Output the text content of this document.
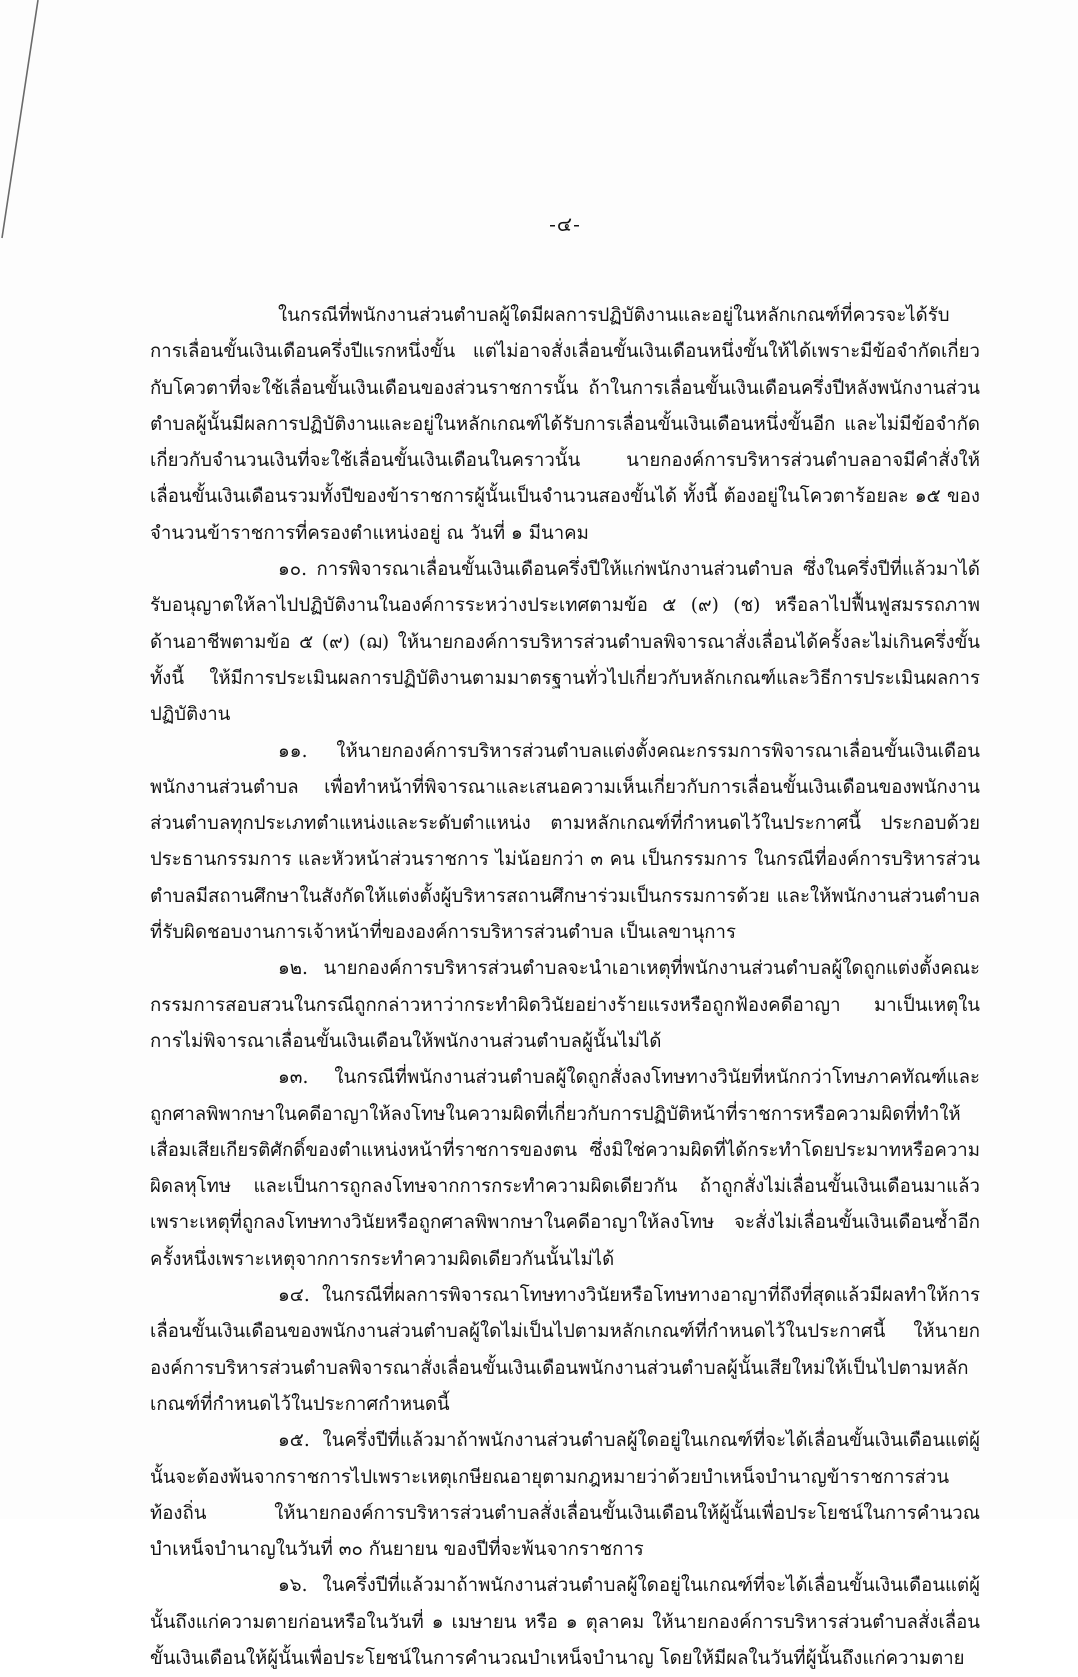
-๔-

ในกรณีที่พนักงานส่วนตำบลผู้ใดมีผลการปฏิบัติงานและอยู่ในหลักเกณฑ์ที่ควรจะได้รับการเลื่อนขั้นเงินเดือนครึ่งปีแรกหนึ่งขั้น แต่ไม่อาจสั่งเลื่อนขั้นเงินเดือนหนึ่งขั้นให้ได้เพราะมีข้อจำกัดเกี่ยวกับโควตาที่จะใช้เลื่อนขั้นเงินเดือนของส่วนราชการนั้น ถ้าในการเลื่อนขั้นเงินเดือนครึ่งปีหลังพนักงานส่วนตำบลผู้นั้นมีผลการปฏิบัติงานและอยู่ในหลักเกณฑ์ได้รับการเลื่อนขั้นเงินเดือนหนึ่งขั้นอีก และไม่มีข้อจำกัดเกี่ยวกับจำนวนเงินที่จะใช้เลื่อนขั้นเงินเดือนในคราวนั้น นายกองค์การบริหารส่วนตำบลอาจมีคำสั่งให้เลื่อนขั้นเงินเดือนรวมทั้งปีของข้าราชการผู้นั้นเป็นจำนวนสองขั้นได้ ทั้งนี้ ต้องอยู่ในโควตาร้อยละ ๑๕ ของจำนวนข้าราชการที่ครองตำแหน่งอยู่ ณ วันที่ ๑ มีนาคม

๑๐. การพิจารณาเลื่อนขั้นเงินเดือนครึ่งปีให้แก่พนักงานส่วนตำบล ซึ่งในครึ่งปีที่แล้วมาได้รับอนุญาตให้ลาไปปฏิบัติงานในองค์การระหว่างประเทศตามข้อ ๕ (๙) (ช) หรือลาไปฟื้นฟูสมรรถภาพด้านอาชีพตามข้อ ๕ (๙) (ฌ) ให้นายกองค์การบริหารส่วนตำบลพิจารณาสั่งเลื่อนได้ครั้งละไม่เกินครึ่งขั้น ทั้งนี้ ให้มีการประเมินผลการปฏิบัติงานตามมาตรฐานทั่วไปเกี่ยวกับหลักเกณฑ์และวิธีการประเมินผลการปฏิบัติงาน

๑๑. ให้นายกองค์การบริหารส่วนตำบลแต่งตั้งคณะกรรมการพิจารณาเลื่อนขั้นเงินเดือนพนักงานส่วนตำบล เพื่อทำหน้าที่พิจารณาและเสนอความเห็นเกี่ยวกับการเลื่อนขั้นเงินเดือนของพนักงานส่วนตำบลทุกประเภทตำแหน่งและระดับตำแหน่ง ตามหลักเกณฑ์ที่กำหนดไว้ในประกาศนี้ ประกอบด้วย ประธานกรรมการ และหัวหน้าส่วนราชการ ไม่น้อยกว่า ๓ คน เป็นกรรมการ ในกรณีที่องค์การบริหารส่วนตำบลมีสถานศึกษาในสังกัดให้แต่งตั้งผู้บริหารสถานศึกษาร่วมเป็นกรรมการด้วย และให้พนักงานส่วนตำบลที่รับผิดชอบงานการเจ้าหน้าที่ขององค์การบริหารส่วนตำบล เป็นเลขานุการ

๑๒. นายกองค์การบริหารส่วนตำบลจะนำเอาเหตุที่พนักงานส่วนตำบลผู้ใดถูกแต่งตั้งคณะกรรมการสอบสวนในกรณีถูกกล่าวหาว่ากระทำผิดวินัยอย่างร้ายแรงหรือถูกฟ้องคดีอาญา มาเป็นเหตุในการไม่พิจารณาเลื่อนขั้นเงินเดือนให้พนักงานส่วนตำบลผู้นั้นไม่ได้

๑๓. ในกรณีที่พนักงานส่วนตำบลผู้ใดถูกสั่งลงโทษทางวินัยที่หนักกว่าโทษภาคทัณฑ์และถูกศาลพิพากษาในคดีอาญาให้ลงโทษในความผิดที่เกี่ยวกับการปฏิบัติหน้าที่ราชการหรือความผิดที่ทำให้เสื่อมเสียเกียรติศักดิ์ของตำแหน่งหน้าที่ราชการของตน ซึ่งมิใช่ความผิดที่ได้กระทำโดยประมาทหรือความผิดลหุโทษ และเป็นการถูกลงโทษจากการกระทำความผิดเดียวกัน ถ้าถูกสั่งไม่เลื่อนขั้นเงินเดือนมาแล้วเพราะเหตุที่ถูกลงโทษทางวินัยหรือถูกศาลพิพากษาในคดีอาญาให้ลงโทษ จะสั่งไม่เลื่อนขั้นเงินเดือนซ้ำอีกครั้งหนึ่งเพราะเหตุจากการกระทำความผิดเดียวกันนั้นไม่ได้

๑๔. ในกรณีที่ผลการพิจารณาโทษทางวินัยหรือโทษทางอาญาที่ถึงที่สุดแล้วมีผลทำให้การเลื่อนขั้นเงินเดือนของพนักงานส่วนตำบลผู้ใดไม่เป็นไปตามหลักเกณฑ์ที่กำหนดไว้ในประกาศนี้ ให้นายกองค์การบริหารส่วนตำบลพิจารณาสั่งเลื่อนขั้นเงินเดือนพนักงานส่วนตำบลผู้นั้นเสียใหม่ให้เป็นไปตามหลักเกณฑ์ที่กำหนดไว้ในประกาศกำหนดนี้

๑๕. ในครึ่งปีที่แล้วมาถ้าพนักงานส่วนตำบลผู้ใดอยู่ในเกณฑ์ที่จะได้เลื่อนขั้นเงินเดือนแต่ผู้นั้นจะต้องพ้นจากราชการไปเพราะเหตุเกษียณอายุตามกฎหมายว่าด้วยบำเหน็จบำนาญข้าราชการส่วนท้องถิ่น ให้นายกองค์การบริหารส่วนตำบลสั่งเลื่อนขั้นเงินเดือนให้ผู้นั้นเพื่อประโยชน์ในการคำนวณบำเหน็จบำนาญในวันที่ ๓๐ กันยายน ของปีที่จะพ้นจากราชการ

๑๖. ในครึ่งปีที่แล้วมาถ้าพนักงานส่วนตำบลผู้ใดอยู่ในเกณฑ์ที่จะได้เลื่อนขั้นเงินเดือนแต่ผู้นั้นถึงแก่ความตายก่อนหรือในวันที่ ๑ เมษายน หรือ ๑ ตุลาคม ให้นายกองค์การบริหารส่วนตำบลสั่งเลื่อนขั้นเงินเดือนให้ผู้นั้นเพื่อประโยชน์ในการคำนวณบำเหน็จบำนาญ โดยให้มีผลในวันที่ผู้นั้นถึงแก่ความตาย
